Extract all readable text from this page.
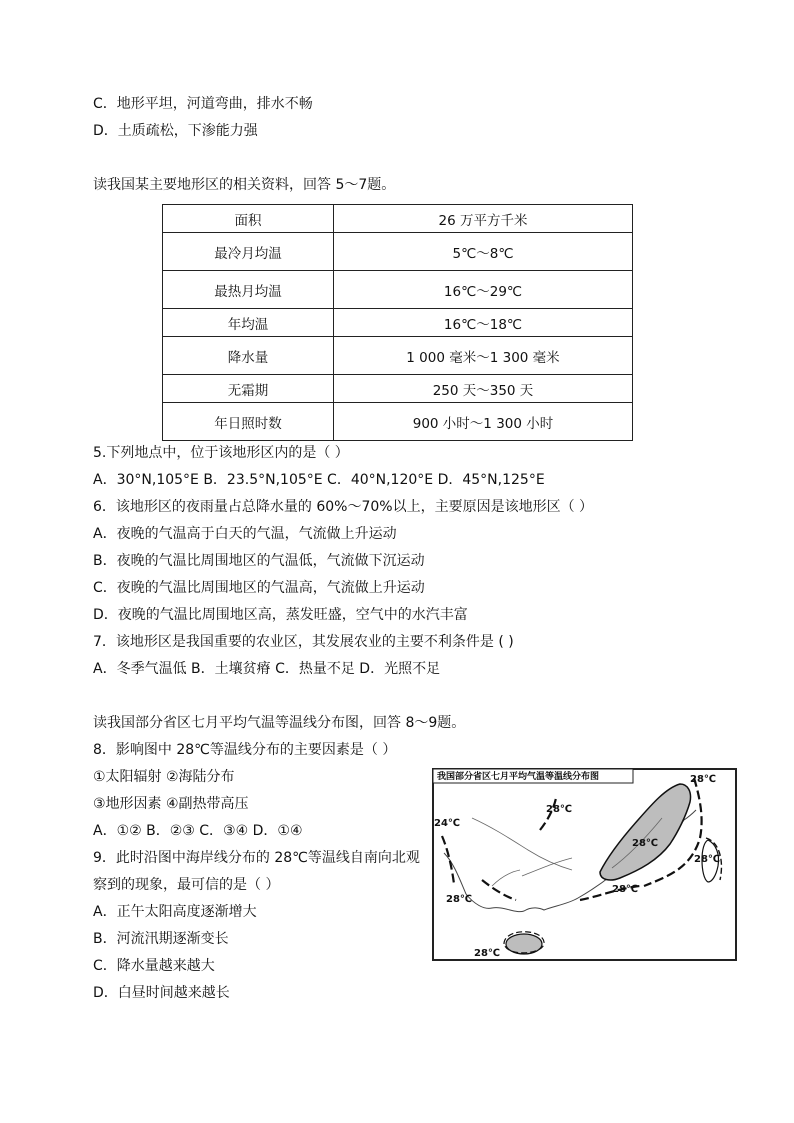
C．地形平坦，河道弯曲，排水不畅
D．土质疏松，下渗能力强
读我国某主要地形区的相关资料，回答 5～7题。
面积	26 万平方千米
最冷月均温	5℃～8℃
最热月均温	16℃～29℃
年均温	16℃～18℃
降水量	1 000 毫米～1 300 毫米
无霜期	250 天～350 天
年日照时数	900 小时～1 300 小时
5.下列地点中，位于该地形区内的是（ ）
A．30°N,105°E B．23.5°N,105°E C．40°N,120°E D．45°N,125°E
6．该地形区的夜雨量占总降水量的 60%～70%以上，主要原因是该地形区（ ）
A．夜晚的气温高于白天的气温，气流做上升运动
B．夜晚的气温比周围地区的气温低，气流做下沉运动
C．夜晚的气温比周围地区的气温高，气流做上升运动
D．夜晚的气温比周围地区高，蒸发旺盛，空气中的水汽丰富
7．该地形区是我国重要的农业区，其发展农业的主要不利条件是 ( )
A．冬季气温低 B．土壤贫瘠 C．热量不足 D．光照不足
读我国部分省区七月平均气温等温线分布图，回答 8～9题。
8．影响图中 28℃等温线分布的主要因素是（ ）
①太阳辐射 ②海陆分布
③地形因素 ④副热带高压
A．①② B．②③ C．③④ D．①④
9．此时沿图中海岸线分布的 28℃等温线自南向北观
察到的现象，最可信的是（ ）
A．正午太阳高度逐渐增大
B．河流汛期逐渐变长
C．降水量越来越大
D．白昼时间越来越长
我国部分省区七月平均气温等温线分布图	28℃
28℃
24℃
28℃
28℃
28℃
28℃
28℃
